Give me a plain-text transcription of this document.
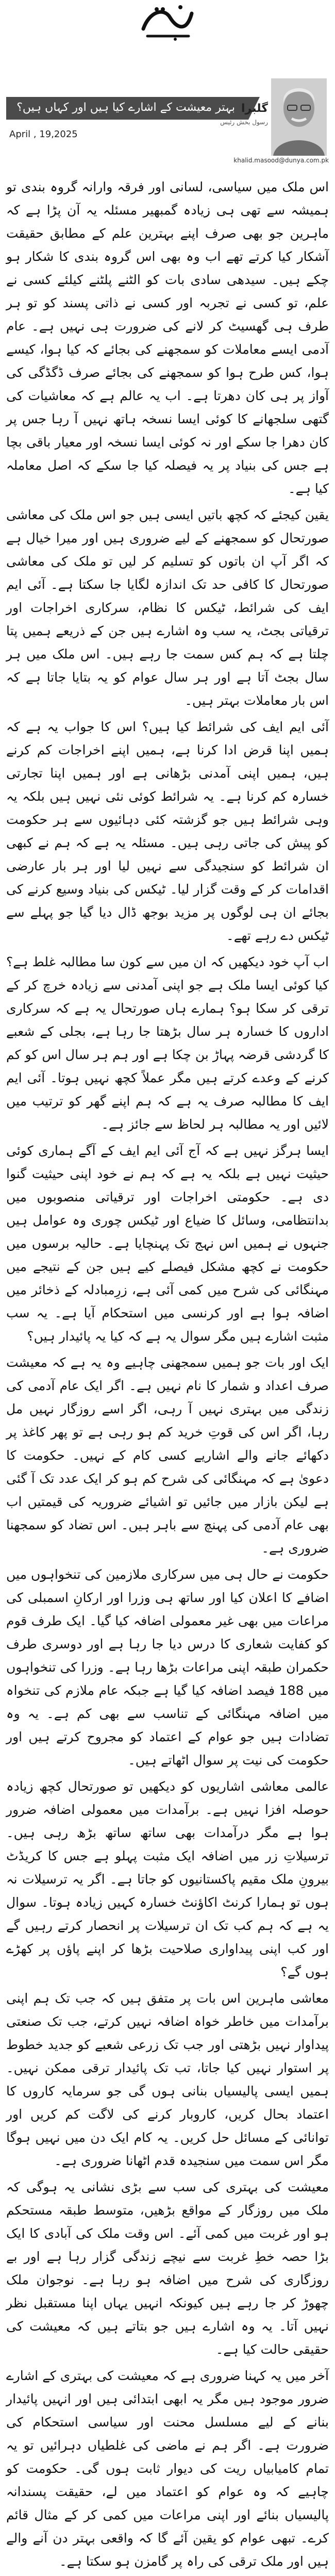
بہتر معیشت کے اشارے کیا ہیں اور کہاں ہیں؟
April , 19,2025
گلبرا
رسول بخش رئیس
khalid.masood@dunya.com.pk

اس ملک میں سیاسی، لسانی اور فرقہ وارانہ گروہ بندی تو ہمیشہ سے تھی ہی زیادہ گمبھیر مسئلہ یہ آن پڑا ہے کہ ماہرین جو بھی صرف اپنے بہترین علم کے مطابق حقیقت آشکار کیا کرتے تھے اب وہ بھی اس گروہ بندی کا شکار ہو چکے ہیں۔ سیدھی سادی بات کو الٹنے پلٹنے کیلئے کسی نے علم، تو کسی نے تجربہ اور کسی نے ذاتی پسند کو تو ہر طرف ہی گھسیٹ کر لانے کی ضرورت ہی نہیں ہے۔ عام آدمی ایسے معاملات کو سمجھنے کی بجائے کہ کیا ہوا، کیسے ہوا، کس طرح ہوا کو سمجھنے کی بجائے صرف ڈگڈگی کی آواز پر ہی کان دھرتا ہے۔ اب یہ عالم ہے کہ معاشیات کی گتھی سلجھانے کا کوئی ایسا نسخہ ہاتھ نہیں آ رہا جس پر کان دھرا جا سکے اور نہ کوئی ایسا نسخہ اور معیار باقی بچا ہے جس کی بنیاد پر یہ فیصلہ کیا جا سکے کہ اصل معاملہ کیا ہے۔

یقین کیجئے کہ کچھ باتیں ایسی ہیں جو اس ملک کی معاشی صورتحال کو سمجھنے کے لیے ضروری ہیں اور میرا خیال ہے کہ اگر آپ ان باتوں کو تسلیم کر لیں تو ملک کی معاشی صورتحال کا کافی حد تک اندازہ لگایا جا سکتا ہے۔ آئی ایم ایف کی شرائط، ٹیکس کا نظام، سرکاری اخراجات اور ترقیاتی بجٹ، یہ سب وہ اشارے ہیں جن کے ذریعے ہمیں پتا چلتا ہے کہ ہم کس سمت جا رہے ہیں۔ اس ملک میں ہر سال بجٹ آتا ہے اور ہر سال عوام کو یہ بتایا جاتا ہے کہ اس بار معاملات بہتر ہیں۔

آئی ایم ایف کی شرائط کیا ہیں؟ اس کا جواب یہ ہے کہ ہمیں اپنا قرض ادا کرنا ہے، ہمیں اپنے اخراجات کم کرنے ہیں، ہمیں اپنی آمدنی بڑھانی ہے اور ہمیں اپنا تجارتی خسارہ کم کرنا ہے۔ یہ شرائط کوئی نئی نہیں ہیں بلکہ یہ وہی شرائط ہیں جو گزشتہ کئی دہائیوں سے ہر حکومت کو پیش کی جاتی رہی ہیں۔ مسئلہ یہ ہے کہ ہم نے کبھی ان شرائط کو سنجیدگی سے نہیں لیا اور ہر بار عارضی اقدامات کر کے وقت گزار لیا۔ ٹیکس کی بنیاد وسیع کرنے کی بجائے ان ہی لوگوں پر مزید بوجھ ڈال دیا گیا جو پہلے سے ٹیکس دے رہے تھے۔

اب آپ خود دیکھیں کہ ان میں سے کون سا مطالبہ غلط ہے؟ کیا کوئی ایسا ملک ہے جو اپنی آمدنی سے زیادہ خرچ کر کے ترقی کر سکا ہو؟ ہمارے ہاں صورتحال یہ ہے کہ سرکاری اداروں کا خسارہ ہر سال بڑھتا جا رہا ہے، بجلی کے شعبے کا گردشی قرضہ پہاڑ بن چکا ہے اور ہم ہر سال اس کو کم کرنے کے وعدے کرتے ہیں مگر عملاً کچھ نہیں ہوتا۔ آئی ایم ایف کا مطالبہ صرف یہ ہے کہ ہم اپنے گھر کو ترتیب میں لائیں اور یہ مطالبہ ہر لحاظ سے جائز ہے۔

ایسا ہرگز نہیں ہے کہ آج آئی ایم ایف کے آگے ہماری کوئی حیثیت نہیں ہے بلکہ یہ ہے کہ ہم نے خود اپنی حیثیت گنوا دی ہے۔ حکومتی اخراجات اور ترقیاتی منصوبوں میں بدانتظامی، وسائل کا ضیاع اور ٹیکس چوری وہ عوامل ہیں جنہوں نے ہمیں اس نہج تک پہنچایا ہے۔ حالیہ برسوں میں حکومت نے کچھ مشکل فیصلے کیے ہیں جن کے نتیجے میں مہنگائی کی شرح میں کمی آئی ہے، زرِمبادلہ کے ذخائر میں اضافہ ہوا ہے اور کرنسی میں استحکام آیا ہے۔ یہ سب مثبت اشارے ہیں مگر سوال یہ ہے کہ کیا یہ پائیدار ہیں؟

ایک اور بات جو ہمیں سمجھنی چاہیے وہ یہ ہے کہ معیشت صرف اعداد و شمار کا نام نہیں ہے۔ اگر ایک عام آدمی کی زندگی میں بہتری نہیں آ رہی، اگر اسے روزگار نہیں مل رہا، اگر اس کی قوتِ خرید کم ہو رہی ہے تو پھر کاغذ پر دکھائے جانے والے اشاریے کسی کام کے نہیں۔ حکومت کا دعویٰ ہے کہ مہنگائی کی شرح کم ہو کر ایک عدد تک آ گئی ہے لیکن بازار میں جائیں تو اشیائے ضروریہ کی قیمتیں اب بھی عام آدمی کی پہنچ سے باہر ہیں۔ اس تضاد کو سمجھنا ضروری ہے۔

حکومت نے حال ہی میں سرکاری ملازمین کی تنخواہوں میں اضافے کا اعلان کیا اور ساتھ ہی وزرا اور ارکانِ اسمبلی کی مراعات میں بھی غیر معمولی اضافہ کیا گیا۔ ایک طرف قوم کو کفایت شعاری کا درس دیا جا رہا ہے اور دوسری طرف حکمران طبقہ اپنی مراعات بڑھا رہا ہے۔ وزرا کی تنخواہوں میں 188 فیصد اضافہ کیا گیا ہے جبکہ عام ملازم کی تنخواہ میں اضافہ مہنگائی کے تناسب سے بھی کم ہے۔ یہ وہ تضادات ہیں جو عوام کے اعتماد کو مجروح کرتے ہیں اور حکومت کی نیت پر سوال اٹھاتے ہیں۔

عالمی معاشی اشاریوں کو دیکھیں تو صورتحال کچھ زیادہ حوصلہ افزا نہیں ہے۔ برآمدات میں معمولی اضافہ ضرور ہوا ہے مگر درآمدات بھی ساتھ ساتھ بڑھ رہی ہیں۔ ترسیلاتِ زر میں اضافہ ایک مثبت پہلو ہے جس کا کریڈٹ بیرونِ ملک مقیم پاکستانیوں کو جاتا ہے۔ اگر یہ ترسیلات نہ ہوں تو ہمارا کرنٹ اکاؤنٹ خسارہ کہیں زیادہ ہوتا۔ سوال یہ ہے کہ ہم کب تک ان ترسیلات پر انحصار کرتے رہیں گے اور کب اپنی پیداواری صلاحیت بڑھا کر اپنے پاؤں پر کھڑے ہوں گے؟

معاشی ماہرین اس بات پر متفق ہیں کہ جب تک ہم اپنی برآمدات میں خاطر خواہ اضافہ نہیں کرتے، جب تک صنعتی پیداوار نہیں بڑھتی اور جب تک زرعی شعبے کو جدید خطوط پر استوار نہیں کیا جاتا، تب تک پائیدار ترقی ممکن نہیں۔ ہمیں ایسی پالیسیاں بنانی ہوں گی جو سرمایہ کاروں کا اعتماد بحال کریں، کاروبار کرنے کی لاگت کم کریں اور توانائی کے مسائل حل کریں۔ یہ کام ایک دن میں نہیں ہوگا مگر اس سمت میں سنجیدہ قدم اٹھانا ضروری ہے۔

معیشت کی بہتری کی سب سے بڑی نشانی یہ ہوگی کہ ملک میں روزگار کے مواقع بڑھیں، متوسط طبقہ مستحکم ہو اور غربت میں کمی آئے۔ اس وقت ملک کی آبادی کا ایک بڑا حصہ خطِ غربت سے نیچے زندگی گزار رہا ہے اور بے روزگاری کی شرح میں اضافہ ہو رہا ہے۔ نوجوان ملک چھوڑ کر جا رہے ہیں کیونکہ انہیں یہاں اپنا مستقبل نظر نہیں آتا۔ یہ وہ اشارے ہیں جو بتاتے ہیں کہ معیشت کی حقیقی حالت کیا ہے۔

آخر میں یہ کہنا ضروری ہے کہ معیشت کی بہتری کے اشارے ضرور موجود ہیں مگر یہ ابھی ابتدائی ہیں اور انہیں پائیدار بنانے کے لیے مسلسل محنت اور سیاسی استحکام کی ضرورت ہے۔ اگر ہم نے ماضی کی غلطیاں دہرائیں تو یہ تمام کامیابیاں ریت کی دیوار ثابت ہوں گی۔ حکومت کو چاہیے کہ وہ عوام کو اعتماد میں لے، حقیقت پسندانہ پالیسیاں بنائے اور اپنی مراعات میں کمی کر کے مثال قائم کرے۔ تبھی عوام کو یقین آئے گا کہ واقعی بہتر دن آنے والے ہیں اور ملک ترقی کی راہ پر گامزن ہو سکتا ہے۔
